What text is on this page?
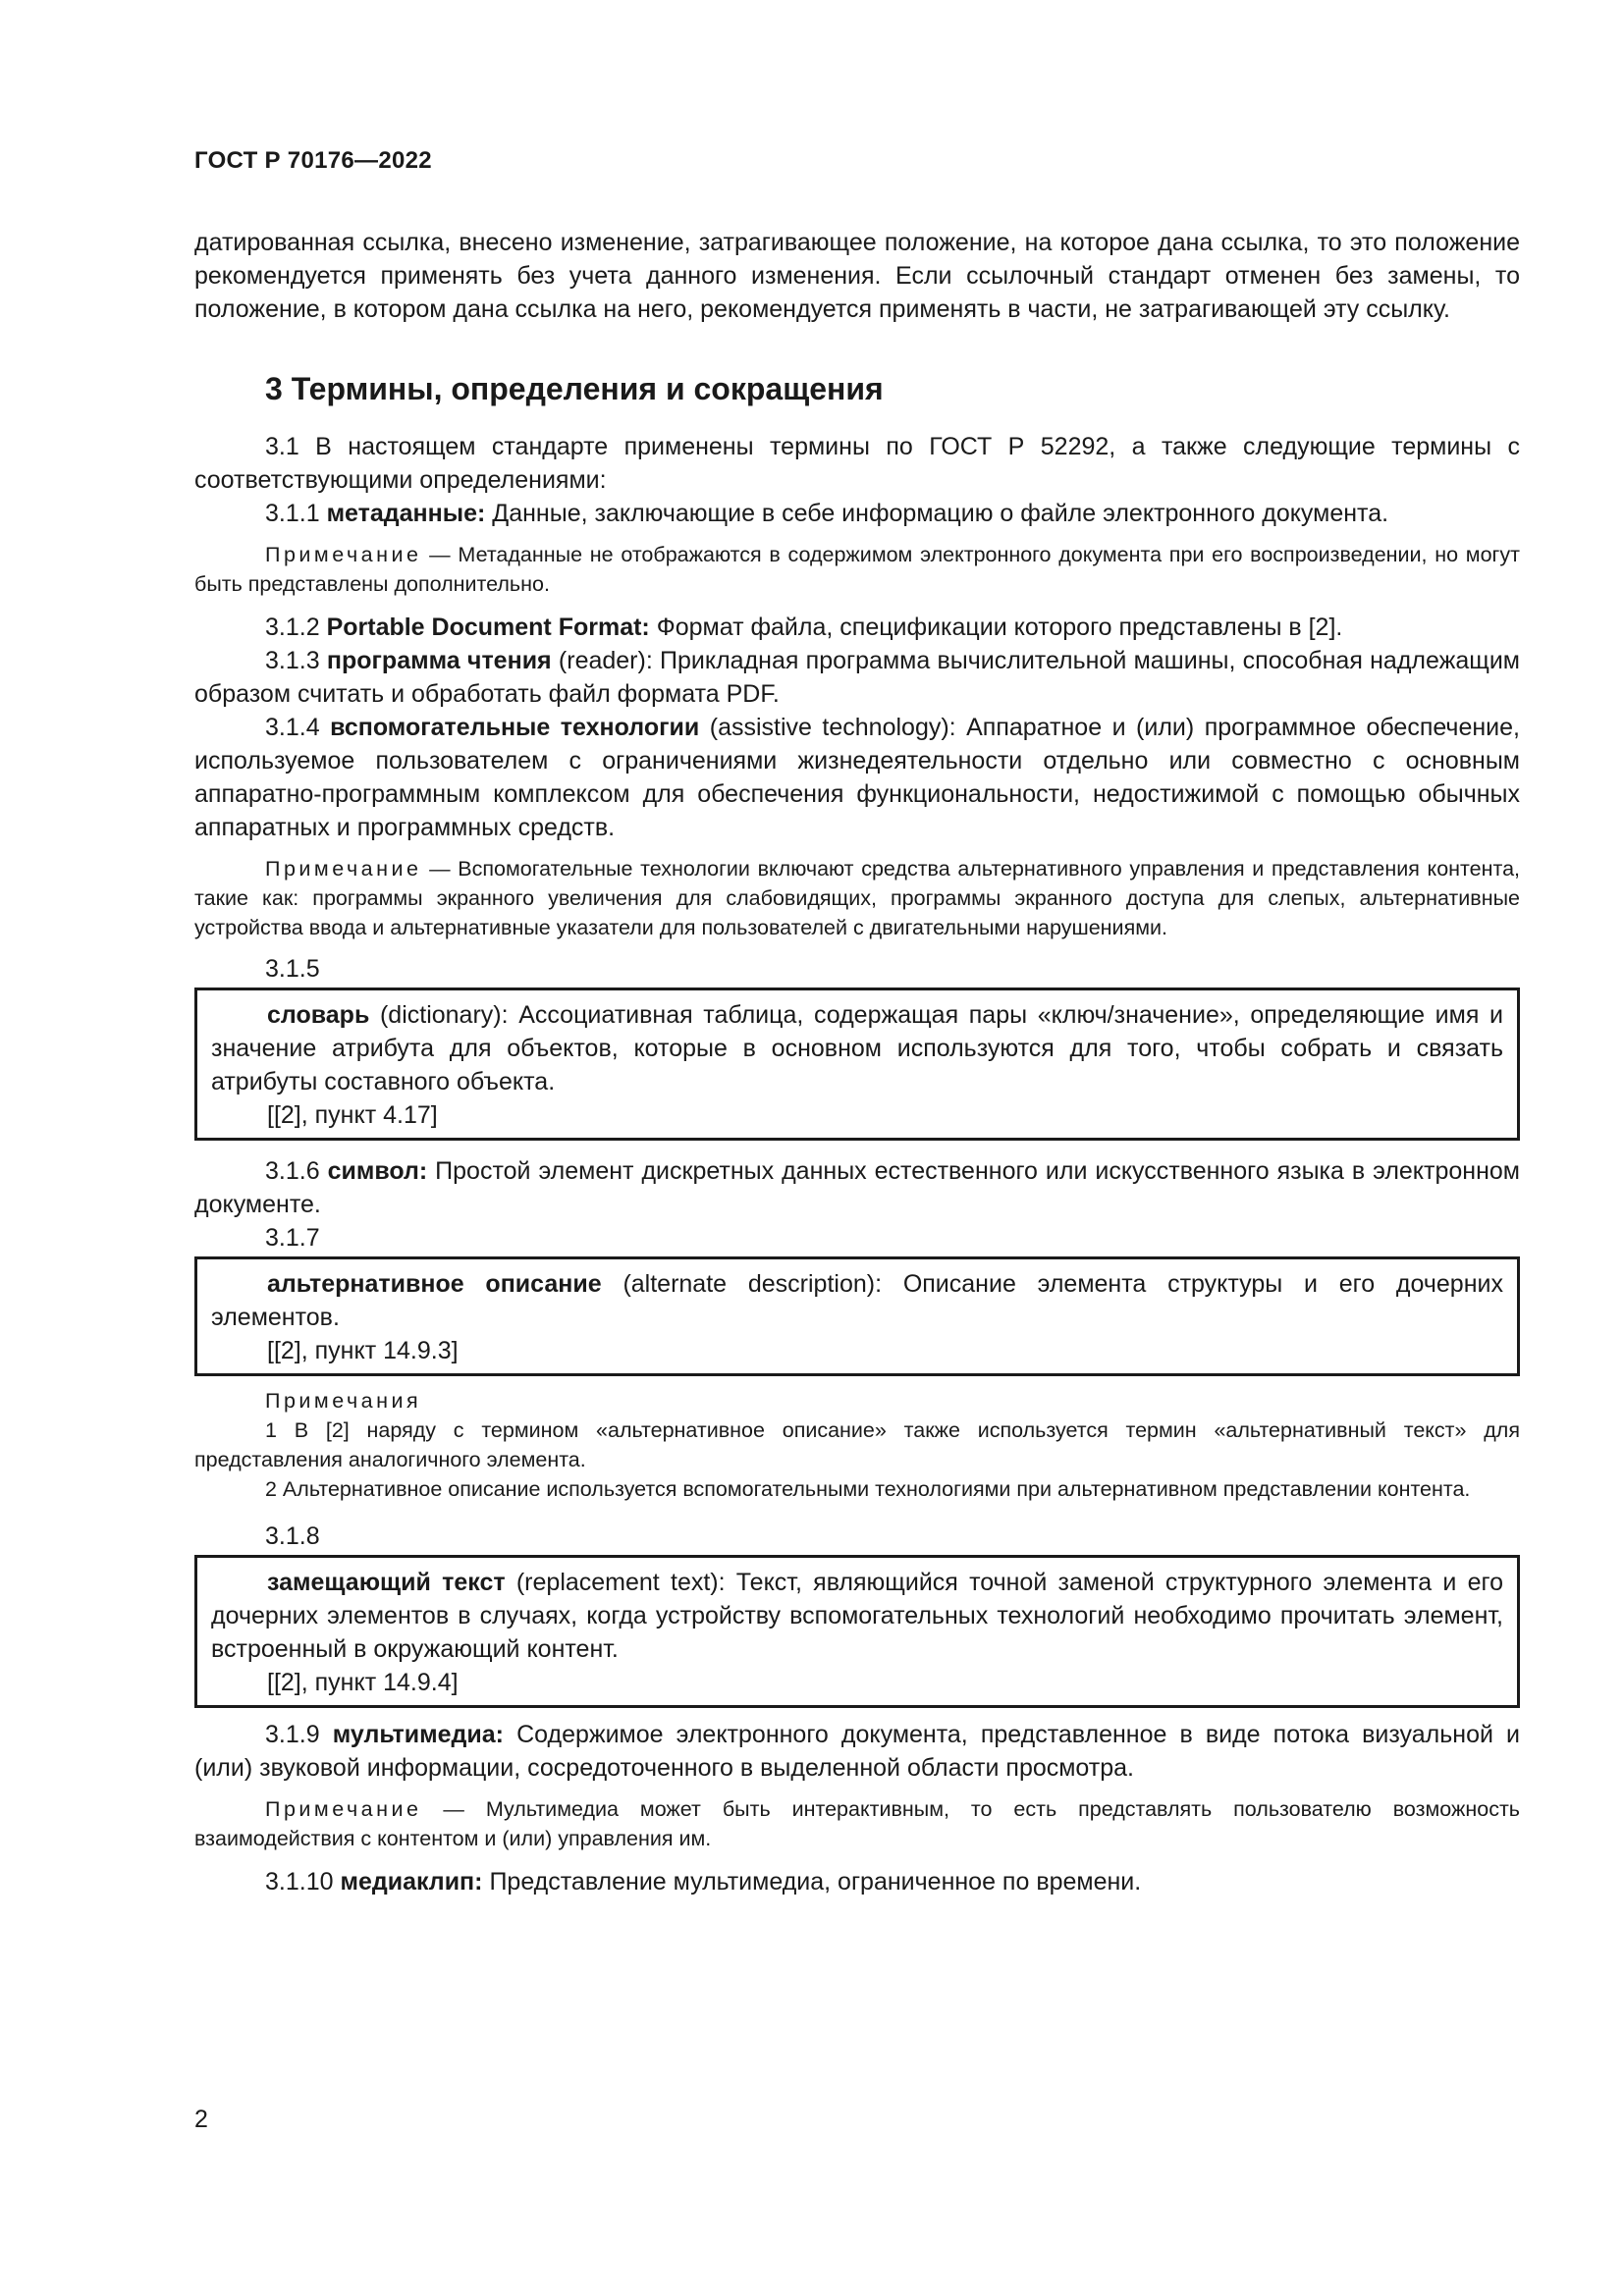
ГОСТ Р 70176—2022

датированная ссылка, внесено изменение, затрагивающее положение, на которое дана ссылка, то это положение рекомендуется применять без учета данного изменения. Если ссылочный стандарт отменен без замены, то положение, в котором дана ссылка на него, рекомендуется применять в части, не затрагивающей эту ссылку.

3 Термины, определения и сокращения

3.1 В настоящем стандарте применены термины по ГОСТ Р 52292, а также следующие термины с соответствующими определениями:

3.1.1 метаданные: Данные, заключающие в себе информацию о файле электронного документа.

Примечание — Метаданные не отображаются в содержимом электронного документа при его воспроизведении, но могут быть представлены дополнительно.

3.1.2 Portable Document Format: Формат файла, спецификации которого представлены в [2].

3.1.3 программа чтения (reader): Прикладная программа вычислительной машины, способная надлежащим образом считать и обработать файл формата PDF.

3.1.4 вспомогательные технологии (assistive technology): Аппаратное и (или) программное обеспечение, используемое пользователем с ограничениями жизнедеятельности отдельно или совместно с основным аппаратно-программным комплексом для обеспечения функциональности, недостижимой с помощью обычных аппаратных и программных средств.

Примечание — Вспомогательные технологии включают средства альтернативного управления и представления контента, такие как: программы экранного увеличения для слабовидящих, программы экранного доступа для слепых, альтернативные устройства ввода и альтернативные указатели для пользователей с двигательными нарушениями.

3.1.5

словарь (dictionary): Ассоциативная таблица, содержащая пары «ключ/значение», определяющие имя и значение атрибута для объектов, которые в основном используются для того, чтобы собрать и связать атрибуты составного объекта.

[[2], пункт 4.17]

3.1.6 символ: Простой элемент дискретных данных естественного или искусственного языка в электронном документе.

3.1.7

альтернативное описание (alternate description): Описание элемента структуры и его дочерних элементов.

[[2], пункт 14.9.3]

Примечания

1 В [2] наряду с термином «альтернативное описание» также используется термин «альтернативный текст» для представления аналогичного элемента.

2 Альтернативное описание используется вспомогательными технологиями при альтернативном представлении контента.

3.1.8

замещающий текст (replacement text): Текст, являющийся точной заменой структурного элемента и его дочерних элементов в случаях, когда устройству вспомогательных технологий необходимо прочитать элемент, встроенный в окружающий контент.

[[2], пункт 14.9.4]

3.1.9 мультимедиа: Содержимое электронного документа, представленное в виде потока визуальной и (или) звуковой информации, сосредоточенного в выделенной области просмотра.

Примечание — Мультимедиа может быть интерактивным, то есть представлять пользователю возможность взаимодействия с контентом и (или) управления им.

3.1.10 медиаклип: Представление мультимедиа, ограниченное по времени.

2
